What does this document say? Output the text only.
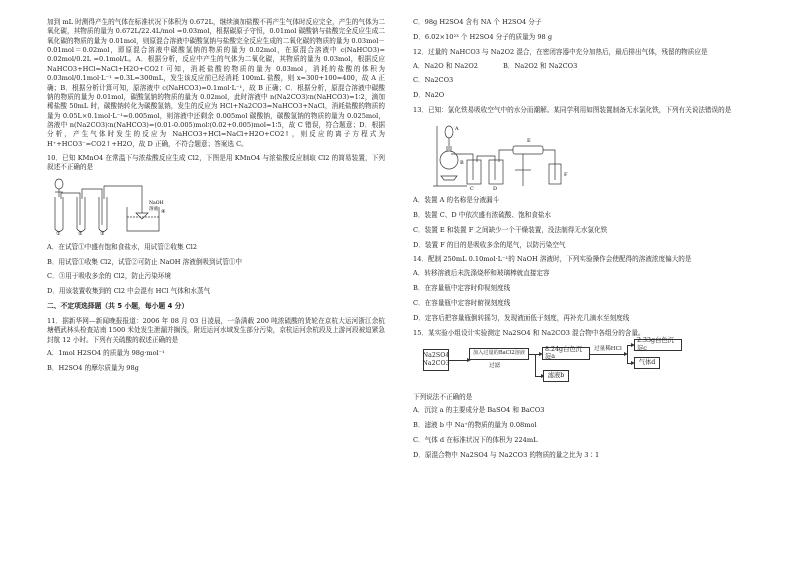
加到 mL 时测得产生的气体在标准状况下体积为 0.672L，继续滴加盐酸不再产生气体时反应完全，产生的气体为二氧化碳，其物质的量为 0.672L/22.4L/mol =0.03mol，根据碳原子守恒，0.01mol 碳酸钠与盐酸完全反应生成二氧化碳的物质的量为 0.01mol，则原混合溶液中碳酸氢钠与盐酸完全反应生成的二氧化碳的物质的量为 0.03mol－0.01mol＝0.02mol，即原混合溶液中碳酸氢钠的物质的量为 0.02mol，在原混合溶液中 c(NaHCO3)= 0.02mol/0.2L =0.1mol/L。A．根据分析，反应中产生的气体为二氧化碳，其物质的量为 0.03mol，根据反应 NaHCO3+HCl=NaCl+H2O+CO2↑可知，消耗盐酸的物质的量为 0.03mol，消耗的盐酸的体积为 0.03mol/0.1mol·L⁻¹ =0.3L=300mL，发生该反应前已经消耗 100mL 盐酸，则 x=300+100=400，故 A 正确；B．根据分析计算可知，原溶液中 c(NaHCO3)=0.1mol·L⁻¹，故 B 正确；C．根据分析，原混合溶液中碳酸钠的物质的量为 0.01mol，碳酸氢钠的物质的量为 0.02mol，此时溶液中 n(Na2CO3)∶n(NaHCO3)=1∶2，滴加稀盐酸 50mL 时，碳酸钠转化为碳酸氢钠，发生的反应为 HCl+Na2CO3=NaHCO3+NaCl，消耗盐酸的物质的量为 0.05L×0.1mol·L⁻¹=0.005mol，则溶液中还剩余 0.005mol 碳酸钠，碳酸氢钠的物质的量为 0.025mol，溶液中 n(Na2CO3)∶n(NaHCO3)=(0.01-0.005)mol∶(0.02+0.005)mol=1∶5，故 C 错误，符合题意；D．根据分析，产生气体时发生的反应为 NaHCO3+HCl=NaCl+H2O+CO2↑，则反应的离子方程式为 H⁺+HCO3⁻=CO2↑+H2O，故 D 正确，不符合题意；答案选 C。

10．已知 KMnO4 在常温下与浓盐酸反应生成 Cl2，下图是用 KMnO4 与浓盐酸反应制取 Cl2 的简易装置，下列叙述不正确的是

①	②	③
④
NaOH
溶液
A．在试管①中盛有饱和食盐水，用试管②收集 Cl2
B．用试管①收集 Cl2，试管②可防止 NaOH 溶液倒吸到试管①中
C．③用于吸收多余的 Cl2，防止污染环境
D．用该装置收集到的 Cl2 中会混有 HCl 气体和水蒸气
二、不定项选择题（共 5 小题，每小题 4 分）

11．据新华网—新闻晚报报道：2006 年 08 月 03 日凌晨，一条满载 200 吨浓硫酸的货轮在京杭大运河浙江余杭塘栖武林头检查站南 1500 米处发生泄漏并搁浅，附近运河水域发生部分污染，京杭运河余杭段及上游河段被迫紧急封航 12 小时。下列有关硫酸的叙述正确的是

A．1mol H2SO4 的质量为 98g·mol⁻¹
B．H2SO4 的摩尔质量为 98g
C．98g H2SO4 含有 NA 个 H2SO4 分子
D．6.02×10²³ 个 H2SO4 分子的质量为 98 g

12．过量的 NaHCO3 与 Na2O2 混合，在密闭容器中充分加热后，最后排出气体，残留的物质应是

A．Na2O 和 Na2O2	B．Na2O2 和 Na2CO3
C．Na2CO3
D．Na2O

13．已知：氯化铁易吸收空气中的水分而潮解。某同学利用如图装置制备无水氯化铁，下列有关说法错误的是

A
B
C	D
E
F
A．装置 A 的名称是分液漏斗
B．装置 C、D 中依次盛有浓硫酸、饱和食盐水
C．装置 E 和装置 F 之间缺少一个干燥装置，没法制得无水氯化铁
D．装置 F 的目的是吸收多余的尾气，以防污染空气

14．配制 250mL 0.10mol·L⁻¹的 NaOH 溶液时，下列实验操作会使配得的溶液浓度偏大的是

A．转移溶液后未洗涤烧杯和玻璃棒就直接定容
B．在容量瓶中定容时仰视刻度线
C．在容量瓶中定容时俯视刻度线
D．定容后把容量瓶倒转摇匀，发现液面低于刻度，再补充几滴水至刻度线

15．某实验小组设计实验测定 Na2SO4 和 Na2CO3 混合物中各组分的含量。

Na2SO4
Na2CO3
加入过量的BaCl2溶液
过滤
8.24g白色沉淀a
滤液b
过量稀HCl
2.33g白色沉淀c
气体d

下列说法不正确的是

A．沉淀 a 的主要成分是 BaSO4 和 BaCO3
B．滤液 b 中 Na⁺的物质的量为 0.08mol
C．气体 d 在标准状况下的体积为 224mL
D．原混合物中 Na2SO4 与 Na2CO3 的物质的量之比为 3∶1
